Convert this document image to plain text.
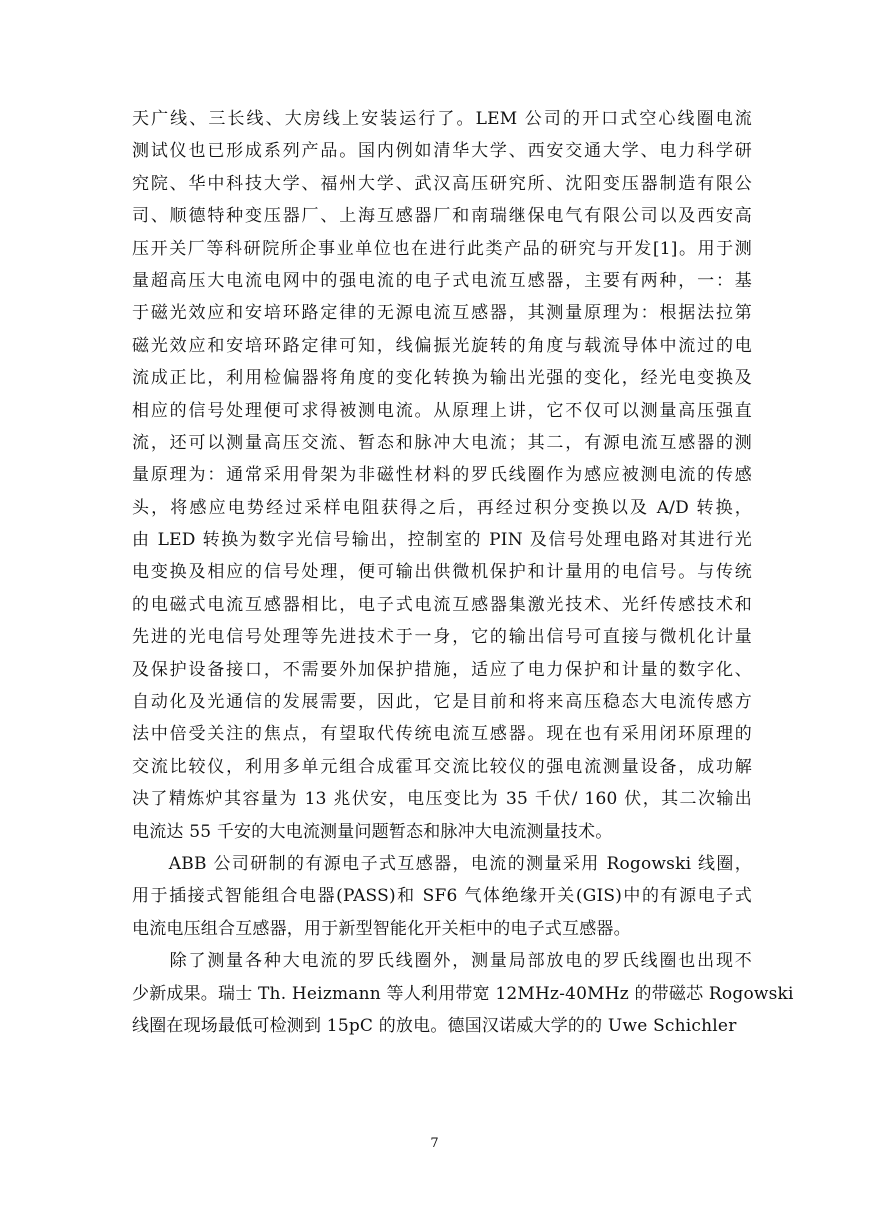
天广线、三长线、大房线上安装运行了。LEM 公司的开口式空心线圈电流
测试仪也已形成系列产品。国内例如清华大学、西安交通大学、电力科学研
究院、华中科技大学、福州大学、武汉高压研究所、沈阳变压器制造有限公
司、顺德特种变压器厂、上海互感器厂和南瑞继保电气有限公司以及西安高
压开关厂等科研院所企事业单位也在进行此类产品的研究与开发[1]。用于测
量超高压大电流电网中的强电流的电子式电流互感器，主要有两种，一：基
于磁光效应和安培环路定律的无源电流互感器，其测量原理为：根据法拉第
磁光效应和安培环路定律可知，线偏振光旋转的角度与载流导体中流过的电
流成正比，利用检偏器将角度的变化转换为输出光强的变化，经光电变换及
相应的信号处理便可求得被测电流。从原理上讲，它不仅可以测量高压强直
流，还可以测量高压交流、暂态和脉冲大电流；其二，有源电流互感器的测
量原理为：通常采用骨架为非磁性材料的罗氏线圈作为感应被测电流的传感
头，将感应电势经过采样电阻获得之后，再经过积分变换以及 A/D 转换，
由 LED 转换为数字光信号输出，控制室的 PIN 及信号处理电路对其进行光
电变换及相应的信号处理，便可输出供微机保护和计量用的电信号。与传统
的电磁式电流互感器相比，电子式电流互感器集激光技术、光纤传感技术和
先进的光电信号处理等先进技术于一身，它的输出信号可直接与微机化计量
及保护设备接口，不需要外加保护措施，适应了电力保护和计量的数字化、
自动化及光通信的发展需要，因此，它是目前和将来高压稳态大电流传感方
法中倍受关注的焦点，有望取代传统电流互感器。现在也有采用闭环原理的
交流比较仪，利用多单元组合成霍耳交流比较仪的强电流测量设备，成功解
决了精炼炉其容量为 13 兆伏安，电压变比为 35 千伏/ 160 伏，其二次输出
电流达 55 千安的大电流测量问题暂态和脉冲大电流测量技术。
　　ABB 公司研制的有源电子式互感器，电流的测量采用 Rogowski 线圈，
用于插接式智能组合电器(PASS)和 SF6 气体绝缘开关(GIS)中的有源电子式
电流电压组合互感器，用于新型智能化开关柜中的电子式互感器。
　　除了测量各种大电流的罗氏线圈外，测量局部放电的罗氏线圈也出现不
少新成果。瑞士 Th. Heizmann 等人利用带宽 12MHz-40MHz 的带磁芯 Rogowski
线圈在现场最低可检测到 15pC 的放电。德国汉诺威大学的的 Uwe Schichler
7
